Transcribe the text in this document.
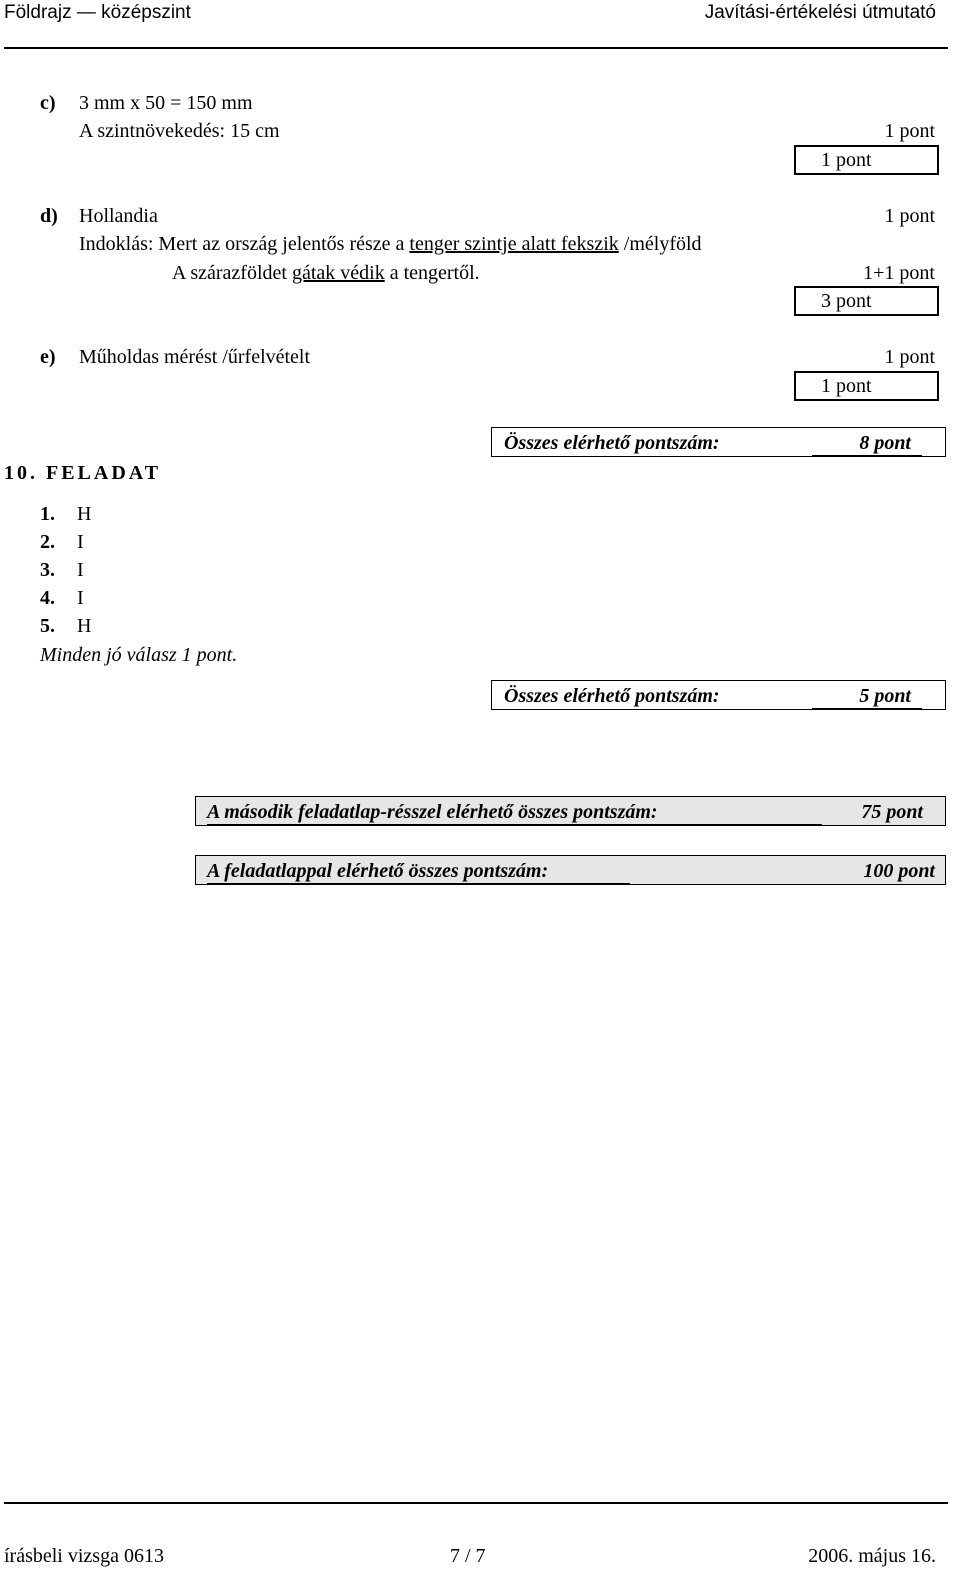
Földrajz — középszint	Javítási-értékelési útmutató
c) 3 mm x 50 = 150 mm
A szintnövekedés: 15 cm	1 pont
1 pont
d) Hollandia	1 pont
Indoklás: Mert az ország jelentős része a tenger szintje alatt fekszik /mélyföld
A szárazföldet gátak védik a tengertől.	1+1 pont
3 pont
e) Műholdas mérést /űrfelvételt	1 pont
1 pont
Összes elérhető pontszám:	8 pont
10. FELADAT
1. H
2. I
3. I
4. I
5. H
Minden jó válasz 1 pont.
Összes elérhető pontszám:	5 pont
A második feladatlap-résszel elérhető összes pontszám:	75 pont
A feladatlappal elérhető összes pontszám:	100 pont
írásbeli vizsga 0613	7 / 7	2006. május 16.
